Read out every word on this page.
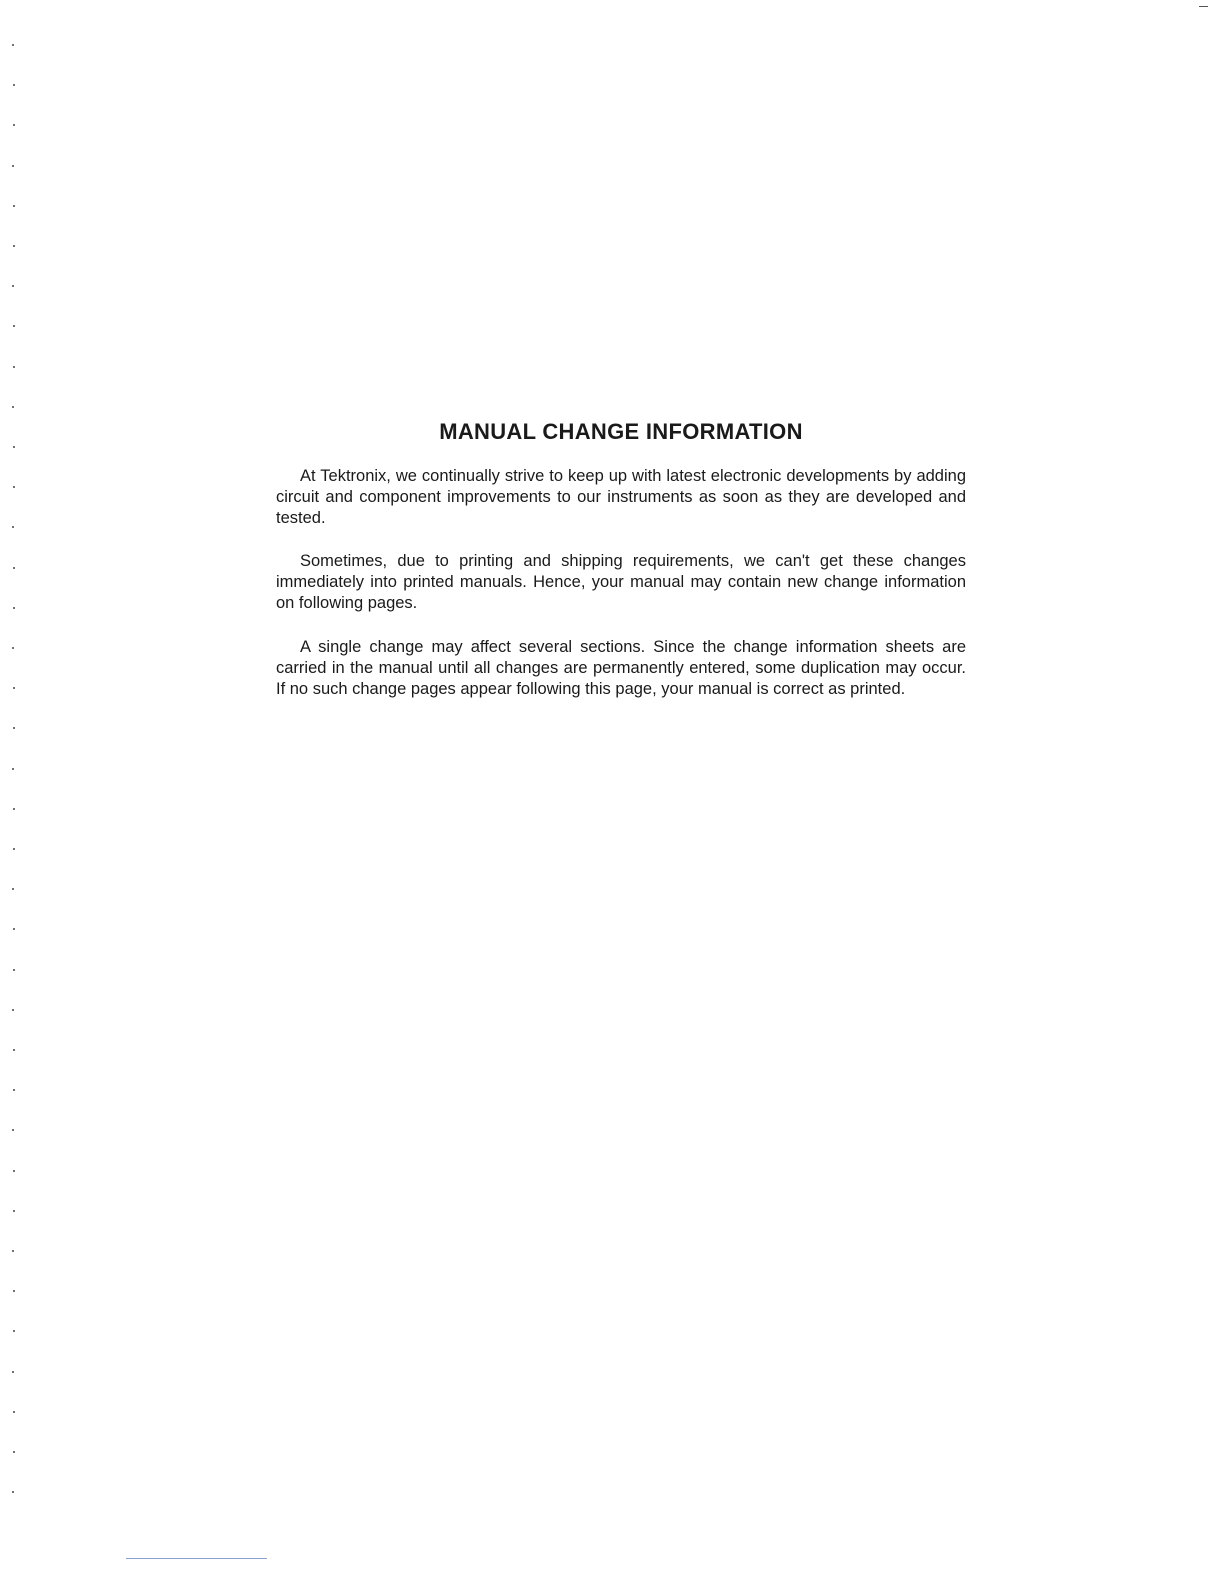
MANUAL CHANGE INFORMATION

At Tektronix, we continually strive to keep up with latest electronic developments by adding circuit and component improvements to our instruments as soon as they are developed and tested.

Sometimes, due to printing and shipping requirements, we can't get these changes immediately into printed manuals. Hence, your manual may contain new change information on following pages.

A single change may affect several sections. Since the change information sheets are carried in the manual until all changes are permanently entered, some duplication may occur. If no such change pages appear following this page, your manual is correct as printed.
